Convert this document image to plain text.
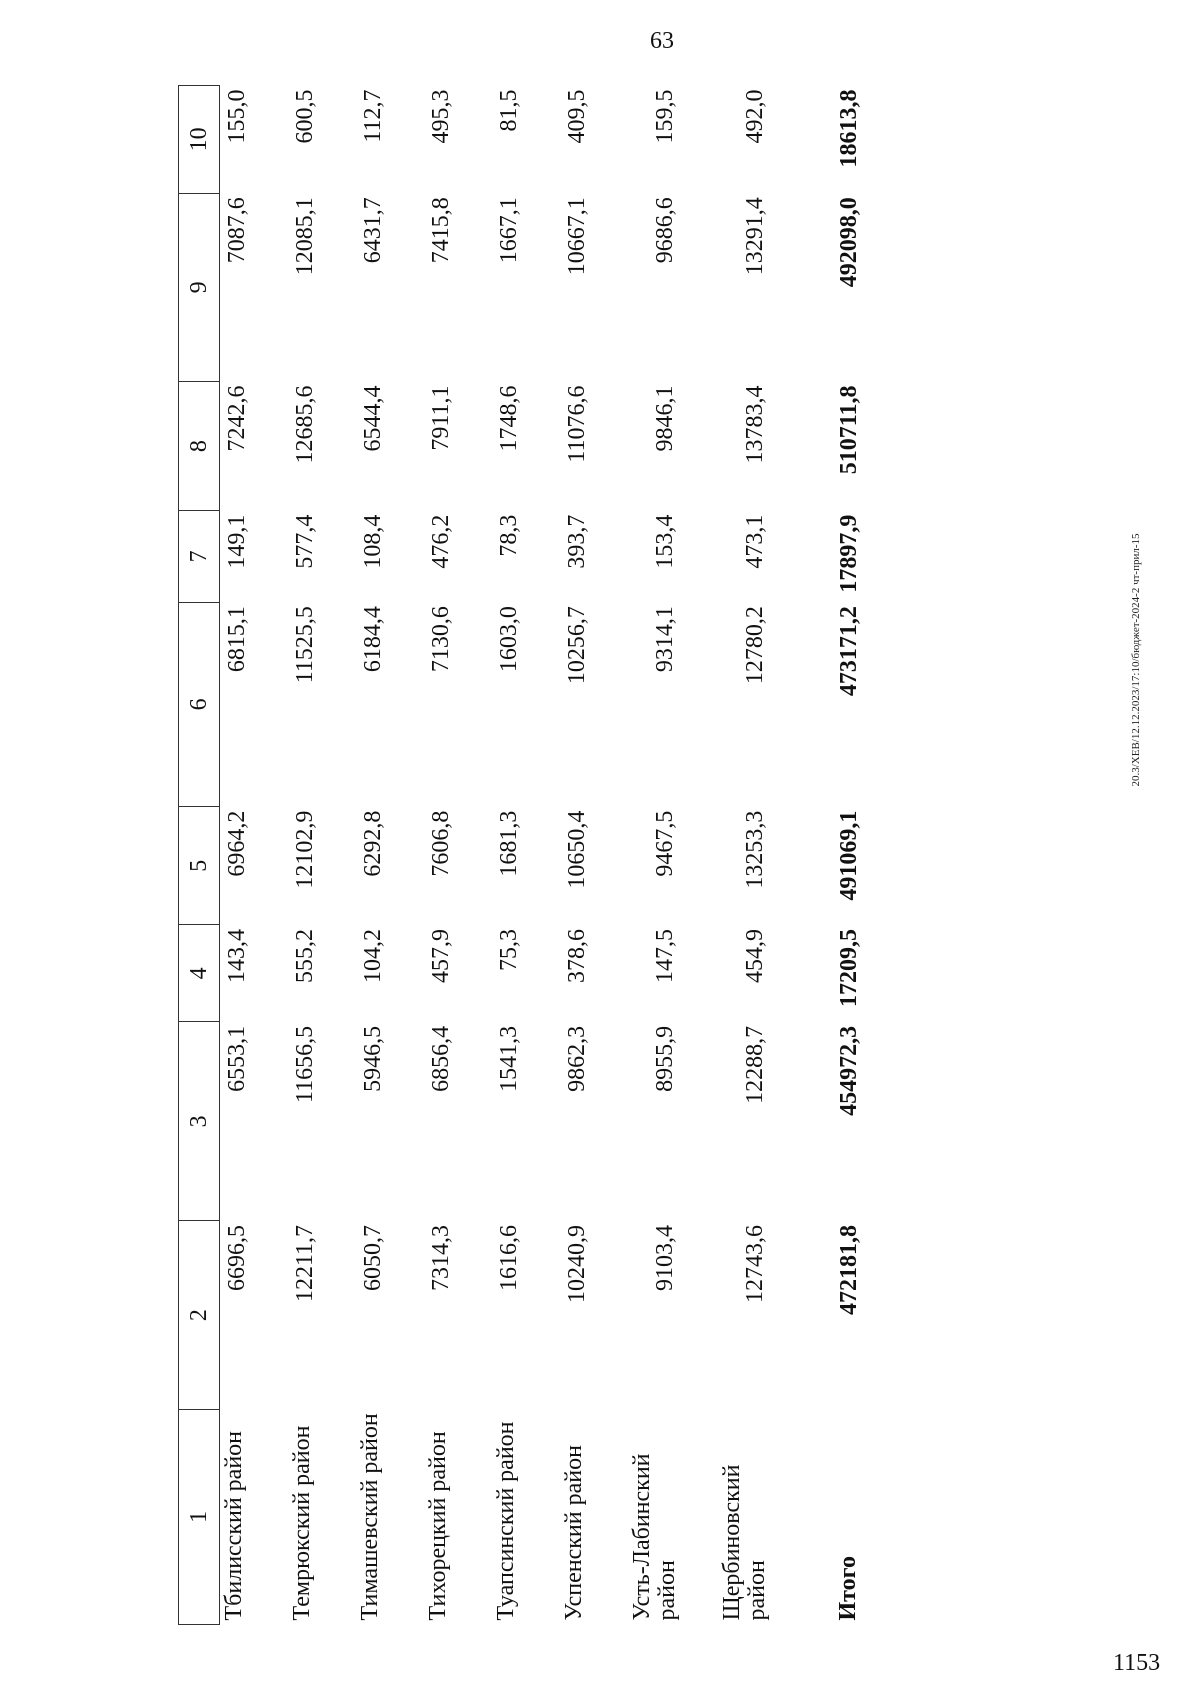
63
1	2	3	4	5	6	7	8	9	10
Тбилисский район	6696,5	6553,1	143,4	6964,2	6815,1	149,1	7242,6	7087,6	155,0
Темрюкский район	12211,7	11656,5	555,2	12102,9	11525,5	577,4	12685,6	12085,1	600,5
Тимашевский район	6050,7	5946,5	104,2	6292,8	6184,4	108,4	6544,4	6431,7	112,7
Тихорецкий район	7314,3	6856,4	457,9	7606,8	7130,6	476,2	7911,1	7415,8	495,3
Туапсинский район	1616,6	1541,3	75,3	1681,3	1603,0	78,3	1748,6	1667,1	81,5
Успенский район	10240,9	9862,3	378,6	10650,4	10256,7	393,7	11076,6	10667,1	409,5
Усть-Лабинский район	9103,4	8955,9	147,5	9467,5	9314,1	153,4	9846,1	9686,6	159,5
Щербиновский район	12743,6	12288,7	454,9	13253,3	12780,2	473,1	13783,4	13291,4	492,0
Итого	472181,8	454972,3	17209,5	491069,1	473171,2	17897,9	510711,8	492098,0	18613,8
20.3/XEB/12.12.2023/17:10/бюджет-2024-2 чт-прил-15
1153
